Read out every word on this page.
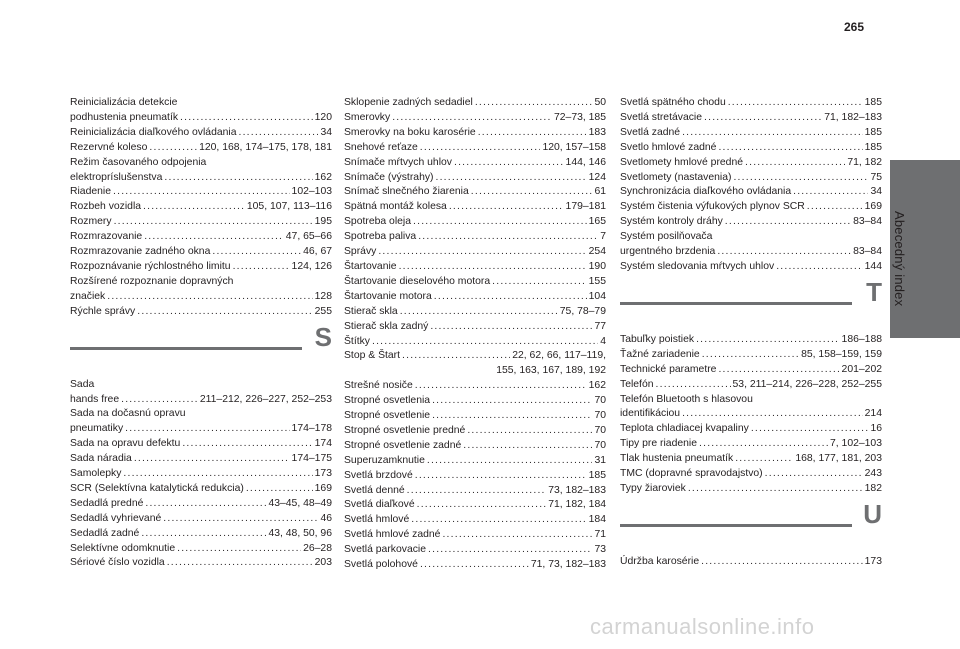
265
Abecedný index
Reinicializácia detekcie
podhustenia pneumatík .....	120
Reinicializácia diaľkového ovládania .....	34
Rezervné koleso .....	120, 168, 174–175, 178, 181
Režim časovaného odpojenia
elektropríslušenstva .....	162
Riadenie .....	102–103
Rozbeh vozidla .....	105, 107, 113–116
Rozmery .....	195
Rozmrazovanie .....	47, 65–66
Rozmrazovanie zadného okna .....	46, 67
Rozpoznávanie rýchlostného limitu .....	124, 126
Rozšírené rozpoznanie dopravných
značiek .....	128
Rýchle správy .....	255
S
Sada
hands free .....	211–212, 226–227, 252–253
Sada na dočasnú opravu
pneumatiky .....	174–178
Sada na opravu defektu .....	174
Sada náradia .....	174–175
Samolepky .....	173
SCR (Selektívna katalytická redukcia) .....	169
Sedadlá predné .....	43–45, 48–49
Sedadlá vyhrievané .....	46
Sedadlá zadné .....	43, 48, 50, 96
Selektívne odomknutie .....	26–28
Sériové číslo vozidla .....	203
Sklopenie zadných sedadiel .....	50
Smerovky .....	72–73, 185
Smerovky na boku karosérie .....	183
Snehové reťaze .....	120, 157–158
Snímače mŕtvych uhlov .....	144, 146
Snímače (výstrahy) .....	124
Snímač slnečného žiarenia .....	61
Spätná montáž kolesa .....	179–181
Spotreba oleja .....	165
Spotreba paliva .....	7
Správy .....	254
Štartovanie .....	190
Štartovanie dieselového motora .....	155
Štartovanie motora .....	104
Stierač skla .....	75, 78–79
Stierač skla zadný .....	77
Štítky .....	4
Stop & Štart .....	22, 62, 66, 117–119,
155, 163, 167, 189, 192
Strešné nosiče .....	162
Stropné osvetlenia .....	70
Stropné osvetlenie .....	70
Stropné osvetlenie predné .....	70
Stropné osvetlenie zadné .....	70
Superuzamknutie .....	31
Svetlá brzdové .....	185
Svetlá denné .....	73, 182–183
Svetlá diaľkové .....	71, 182, 184
Svetlá hmlové .....	184
Svetlá hmlové zadné .....	71
Svetlá parkovacie .....	73
Svetlá polohové .....	71, 73, 182–183
Svetlá spätného chodu .....	185
Svetlá stretávacie .....	71, 182–183
Svetlá zadné .....	185
Svetlo hmlové zadné .....	185
Svetlomety hmlové predné .....	71, 182
Svetlomety (nastavenia) .....	75
Synchronizácia diaľkového ovládania .....	34
Systém čistenia výfukových plynov SCR .....	169
Systém kontroly dráhy .....	83–84
Systém posilňovača
urgentného brzdenia .....	83–84
Systém sledovania mŕtvych uhlov .....	144
T
Tabuľky poistiek .....	186–188
Ťažné zariadenie .....	85, 158–159, 159
Technické parametre .....	201–202
Telefón .....	53, 211–214, 226–228, 252–255
Telefón Bluetooth s hlasovou
identifikáciou .....	214
Teplota chladiacej kvapaliny .....	16
Tipy pre riadenie .....	7, 102–103
Tlak hustenia pneumatík .....	168, 177, 181, 203
TMC (dopravné spravodajstvo) .....	243
Typy žiaroviek .....	182
U
Údržba karosérie .....	173
carmanualsonline.info
